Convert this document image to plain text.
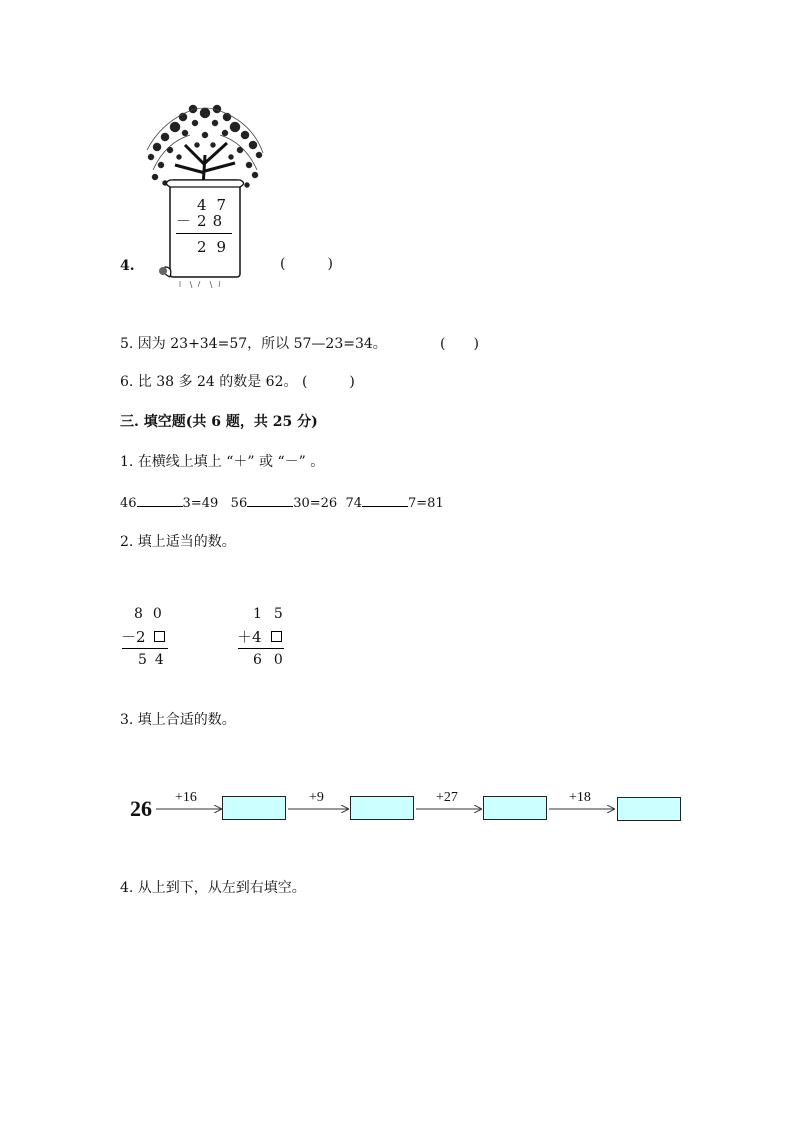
47
－28
29
4.	(　　　)
5. 因为 23+34=57，所以 57—23=34。	(　　)
6. 比 38 多 24 的数是 62。 (　　　)
三. 填空题(共 6 题，共 25 分)
1. 在横线上填上 “＋” 或 “－” 。
46	3=49 56	30=26 74	7=81
2. 填上适当的数。
80
－2
54
15
＋4
60
3. 填上合适的数。
26 +16	+9	+27	+18
4. 从上到下，从左到右填空。
